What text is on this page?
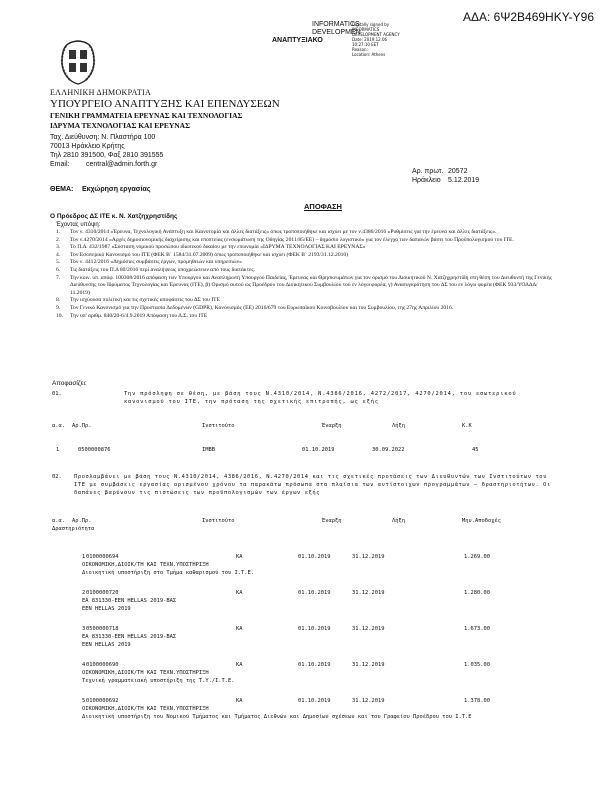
ΑΔΑ: 6Ψ2Β469ΗΚΥ-Υ96
INFORMATICS
DEVELOPMEN
ΑΝΑΠΤΥΞΙΑΚΟ
Digitally signed by
INFORMATICS
DEVELOPMENT AGENCY
Date: 2019.12.06
10:27:10 EET
Reason:
Location: Athens
ΕΛΛΗΝΙΚΗ ΔΗΜΟΚΡΑΤΙΑ
ΥΠΟΥΡΓΕΙΟ ΑΝΑΠΤΥΞΗΣ ΚΑΙ ΕΠΕΝΔΥΣΕΩΝ
ΓΕΝΙΚΗ ΓΡΑΜΜΑΤΕΙΑ ΕΡΕΥΝΑΣ ΚΑΙ ΤΕΧΝΟΛΟΓΙΑΣ
ΙΔΡΥΜΑ ΤΕΧΝΟΛΟΓΙΑΣ ΚΑΙ ΕΡΕΥΝΑΣ
Ταχ. Διεύθυνση: Ν. Πλαστήρα 100
70013 Ηράκλειο Κρήτης
Τηλ 2810 391500, Φαξ 2810 391555
Email: central@admin.forth.gr
Αρ. πρωτ. 20572
Ηράκλειο 5.12.2019
ΘΕΜΑ: Εκχώρηση εργασίας
ΑΠΟΦΑΣΗ
Ο Πρόεδρος ΔΣ ΙΤΕ κ. Ν. Χατζηχρηστίδης
Έχοντας υπόψη:
1.	Τον ν. 4310/2014 «Έρευνα, Τεχνολογική Ανάπτυξη και Καινοτομία και άλλες διατάξεις» όπως τροποποιήθηκε και ισχύει με τον ν.4386/2016 «Ρυθμίσεις για την έρευνα και άλλες διατάξεις».
2.	Τον ν.4270/2014 «Αρχές δημοσιονομικής διαχείρισης και εποπτείας (ενσωμάτωση της Οδηγίας 2011/85/ΕΕ) – δημόσιο λογιστικό» για τον έλεγχο των δαπανών βάσει του Προϋπολογισμού του ΙΤΕ.
3.	Το Π.Δ. 432/1987 «Σύσταση νομικού προσώπου ιδιωτικού δικαίου με την επωνυμία «ΙΔΡΥΜΑ ΤΕΧΝΟΛΟΓΙΑΣ ΚΑΙ ΕΡΕΥΝΑΣ»
4.	Τον Εσωτερικό Κανονισμό του ΙΤΕ (ΦΕΚ Β΄ 1584/31.07.2009) όπως τροποποιήθηκε και ισχύει (ΦΕΚ Β΄ 2193/31.12.2010)
5.	Τον ν. 4412/2016 «Δημόσιες συμβάσεις έργων, προμηθειών και υπηρεσιών»
6.	Τις διατάξεις του Π.Δ 80/2016 περί αναλήψεως υποχρεώσεων από τους διατάκτες.
7.	Την κοιν. υπ. απόφ. 100308/2016 απόφαση των Υπουργού και Αναπληρωτή Υπουργού Παιδείας, Έρευνας και Θρησκευμάτων για τον ορισμό του Διοικητικού Ν. Χατζηχρηστίδη στη θέση του Διευθυντή της Γενικής Διεύθυνσης του Ιδρύματος Τεχνολογίας και Έρευνας (ΙΤΕ), β) Ορισμό αυτού ως Προέδρου του Διοικητικού Συμβουλίου τού εν λόγω φορέα, γ) Ανασυγκρότηση του ΔΣ του εν λόγω φορέα (ΦΕΚ 933/ΥΟΔΔΔ/ 11.2019)
8.	Την ισχύουσα πολιτική και τις σχετικές αποφάσεις του ΔΣ του ΙΤΕ
9.	Τον Γενικό Κανονισμό για την Προστασία Δεδομένων (GDPR), Κανονισμός (ΕΕ) 2016/679 του Ευρωπαϊκού Κοινοβουλίου και του Συμβουλίου, της 27ης Απριλίου 2016.
10.	Την υπ' αριθμ. 840/20-6/4.9.2019 Απόφαση του Δ.Σ. του ΙΤΕ
Αποφασίζει:
01.	Την πρόσληψη σε θέση, με βάση τους Ν.4310/2014, Ν.4386/2016, 4272/2017, 4270/2014, του εσωτερικού κανονισμού του ΙΤΕ, την πρόταση της σχετικής επιτροπής, ως εξής
α.α. Αρ.Πρ.	Ινστιτούτο	Έναρξη	Λήξη	Κ.Κ
1	0500000876	ΙΜΒΒ	01.10.2019	30.09.2022	45
02. Προσλαμβάνει με βάση τους Ν.4310/2014, 4386/2016, Ν.4270/2014 και τις σχετικές προτάσεις των Διευθυντών των Ινστιτούτων του ΙΤΕ με συμβάσεις εργασίας ορισμένου χρόνου τα παρακάτω πρόσωπα στα πλαίσια των αντίστοιχων προγραμμάτων – δραστηριοτήτων. Οι δαπάνες βαρύνουν τις πιστώσεις των προϋπολογισμών των έργων εξής
α.α. Αρ.Πρ.	Ινστιτούτο	Έναρξη	Λήξη	Μην.Αποδοχές
Δραστηριότητα
1 0100000694	ΚΑ	01.10.2019	31.12.2019	1.269.00
ΟΙΚΟΝΟΜΙΚΗ,ΔΙΟΙΚ/ΤΗ ΚΑΙ ΤΕΧΝ.ΥΠΟΣΤΗΡΙΞΗ
Διοικητική υποστήριξη στο Τμήμα καθαρισμού του Ι.Τ.Ε.
2 0100000720	ΚΑ	01.10.2019	31.12.2019	1.280.00
ΕΑ 831330-ΕΕΝ HELLAS 2019-ΒΑΣ
EEN HELLAS 2019
3 0500000718	ΚΑ	01.10.2019	31.12.2019	1.673.00
ΕΑ 831330-ΕΕΝ HELLAS 2019-ΒΑΣ
EEN HELLAS 2019
4 0100000690	ΚΑ	01.10.2019	31.12.2019	1.035.00
ΟΙΚΟΝΟΜΙΚΗ,ΔΙΟΙΚ/ΤΗ ΚΑΙ ΤΕΧΝ.ΥΠΟΣΤΗΡΙΞΗ
Τεχνική γραμματειακή υποστήριξη της Τ.Υ./Ι.Τ.Ε.
5 0100000692	ΚΑ	01.10.2019	31.12.2019	1.378.00
ΟΙΚΟΝΟΜΙΚΗ,ΔΙΟΙΚ/ΤΗ ΚΑΙ ΤΕΧΝ.ΥΠΟΣΤΗΡΙΞΗ
Διοικητική υποστήριξη του Νομικού Τμήματος και Τμήματος Διεθνών και Δημοσίων σχέσεων και του Γραφείου Προέδρου του Ι.Τ.Ε
